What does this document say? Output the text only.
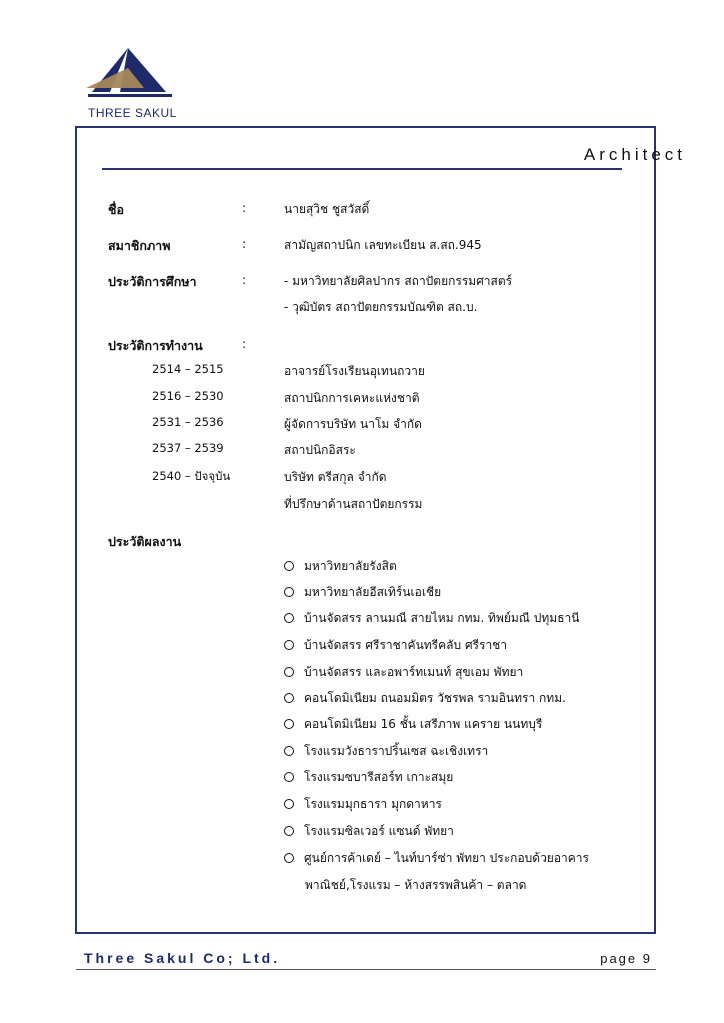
THREE SAKUL
Architect
ชื่อ	:	นายสุวิช ชูสวัสดิ์
สมาชิกภาพ	:	สามัญสถาปนิก เลขทะเบียน ส.สถ.945
ประวัติการศึกษา	:	- มหาวิทยาลัยศิลปากร สถาปัตยกรรมศาสตร์
- วุฒิบัตร สถาปัตยกรรมบัณฑิต สถ.บ.
ประวัติการทำงาน	:
2514 – 2515	อาจารย์โรงเรียนอุเทนถวาย
2516 – 2530	สถาปนิกการเคหะแห่งชาติ
2531 – 2536	ผู้จัดการบริษัท นาโม จำกัด
2537 – 2539	สถาปนิกอิสระ
2540 – ปัจจุบัน	บริษัท ตรีสกุล จำกัด
ที่ปรึกษาด้านสถาปัตยกรรม
ประวัติผลงาน
มหาวิทยาลัยรังสิต
มหาวิทยาลัยอีสเทิร์นเอเชีย
บ้านจัดสรร ลานมณี สายไหม กทม. ทิพย์มณี ปทุมธานี
บ้านจัดสรร ศรีราชาคันทรีคลับ ศรีราชา
บ้านจัดสรร และอพาร์ทเมนท์ สุขเอม พัทยา
คอนโดมิเนียม ถนอมมิตร วัชรพล รามอินทรา กทม.
คอนโดมิเนียม 16 ชั้น เสรีภาพ แคราย นนทบุรี
โรงแรมวังธาราปริ้นเซส ฉะเชิงเทรา
โรงแรมซบารีสอร์ท เกาะสมุย
โรงแรมมุกธารา มุกดาหาร
โรงแรมซิลเวอร์ แซนด์ พัทยา
ศูนย์การค้าเดย์ – ไนท์บาร์ซ่า พัทยา ประกอบด้วยอาคาร
พาณิชย์,โรงแรม – ห้างสรรพสินค้า – ตลาด
Three Sakul Co; Ltd.	page 9
